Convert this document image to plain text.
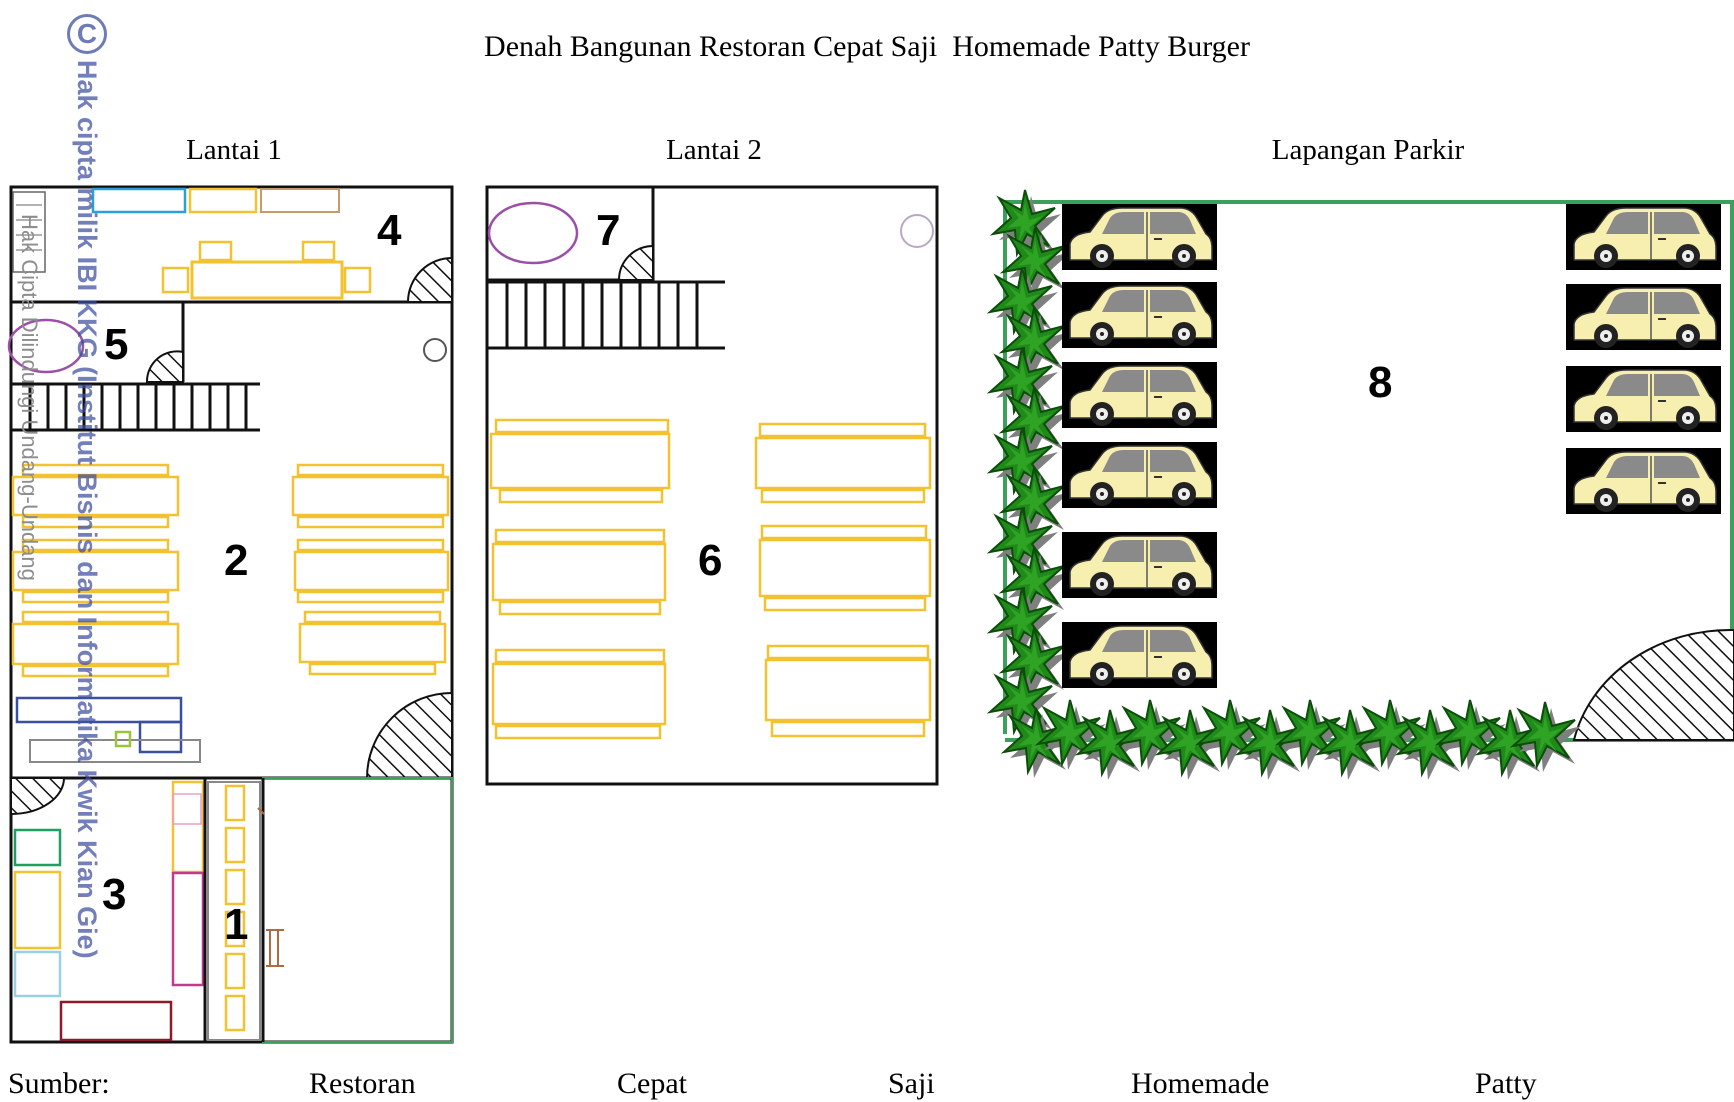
Denah Bangunan Restoran Cepat Saji  Homemade Patty Burger
Lantai 1	Lantai 2	Lapangan Parkir
4
5
2
3
1
7
6
8
C
Hak cipta milik IBI KKG (Institut Bisnis dan Informatika Kwik Kian Gie)
Hak Cipta Dilindungi Undang-Undang
Sumber:	Restoran	Cepat	Saji	Homemade	Patty
